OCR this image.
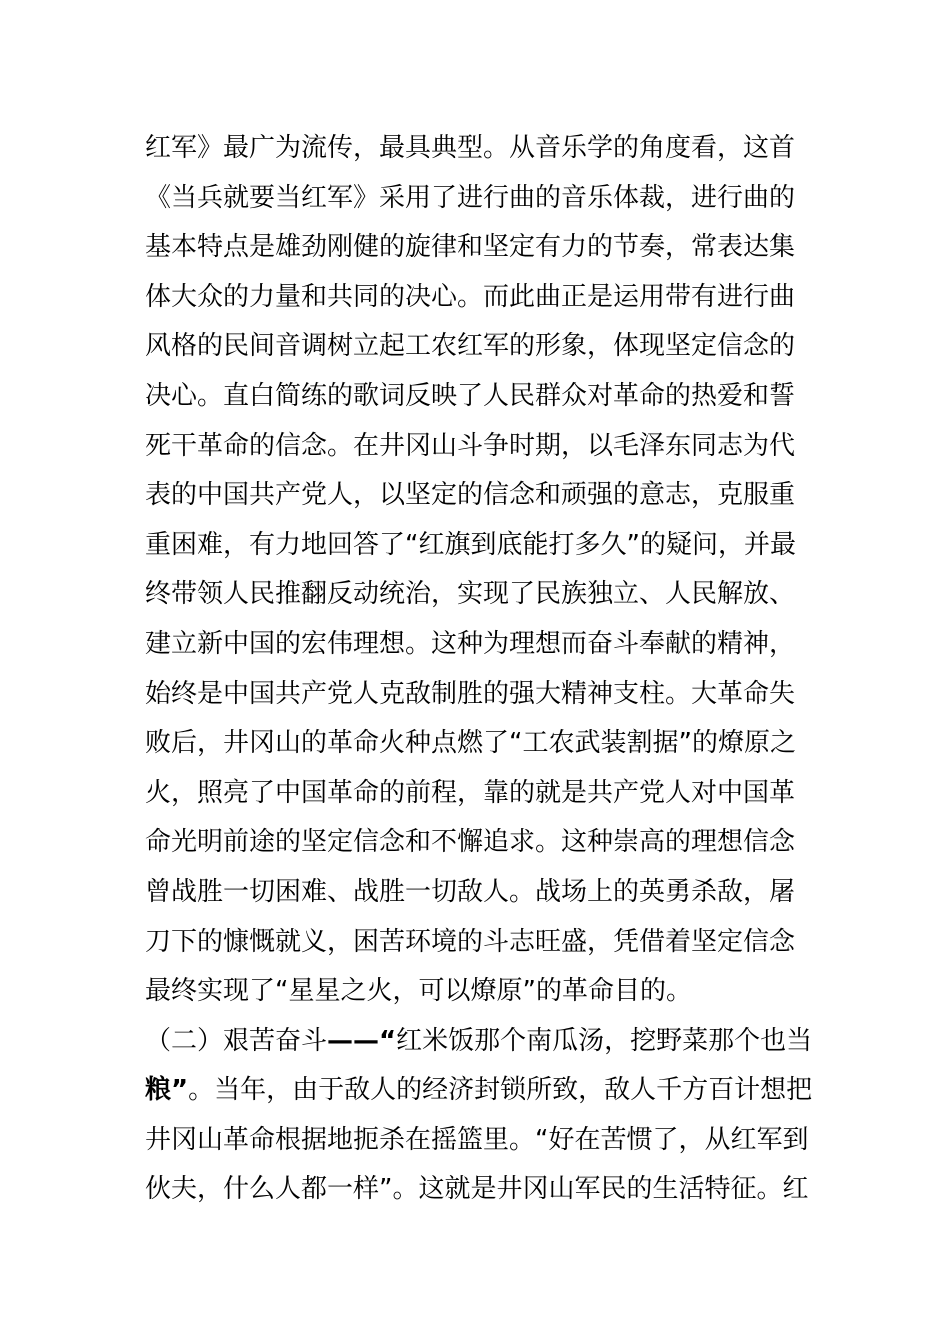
红军》最广为流传，最具典型。从音乐学的角度看，这首
《当兵就要当红军》采用了进行曲的音乐体裁，进行曲的
基本特点是雄劲刚健的旋律和坚定有力的节奏，常表达集
体大众的力量和共同的决心。而此曲正是运用带有进行曲
风格的民间音调树立起工农红军的形象，体现坚定信念的
决心。直白简练的歌词反映了人民群众对革命的热爱和誓
死干革命的信念。在井冈山斗争时期，以毛泽东同志为代
表的中国共产党人，以坚定的信念和顽强的意志，克服重
重困难，有力地回答了“红旗到底能打多久”的疑问，并最
终带领人民推翻反动统治，实现了民族独立、人民解放、
建立新中国的宏伟理想。这种为理想而奋斗奉献的精神，
始终是中国共产党人克敌制胜的强大精神支柱。大革命失
败后，井冈山的革命火种点燃了“工农武装割据”的燎原之
火，照亮了中国革命的前程，靠的就是共产党人对中国革
命光明前途的坚定信念和不懈追求。这种崇高的理想信念
曾战胜一切困难、战胜一切敌人。战场上的英勇杀敌，屠
刀下的慷慨就义，困苦环境的斗志旺盛，凭借着坚定信念
最终实现了“星星之火，可以燎原”的革命目的。
（二）艰苦奋斗——“红米饭那个南瓜汤，挖野菜那个也当
粮”。当年，由于敌人的经济封锁所致，敌人千方百计想把
井冈山革命根据地扼杀在摇篮里。“好在苦惯了，从红军到
伙夫，什么人都一样”。这就是井冈山军民的生活特征。红
